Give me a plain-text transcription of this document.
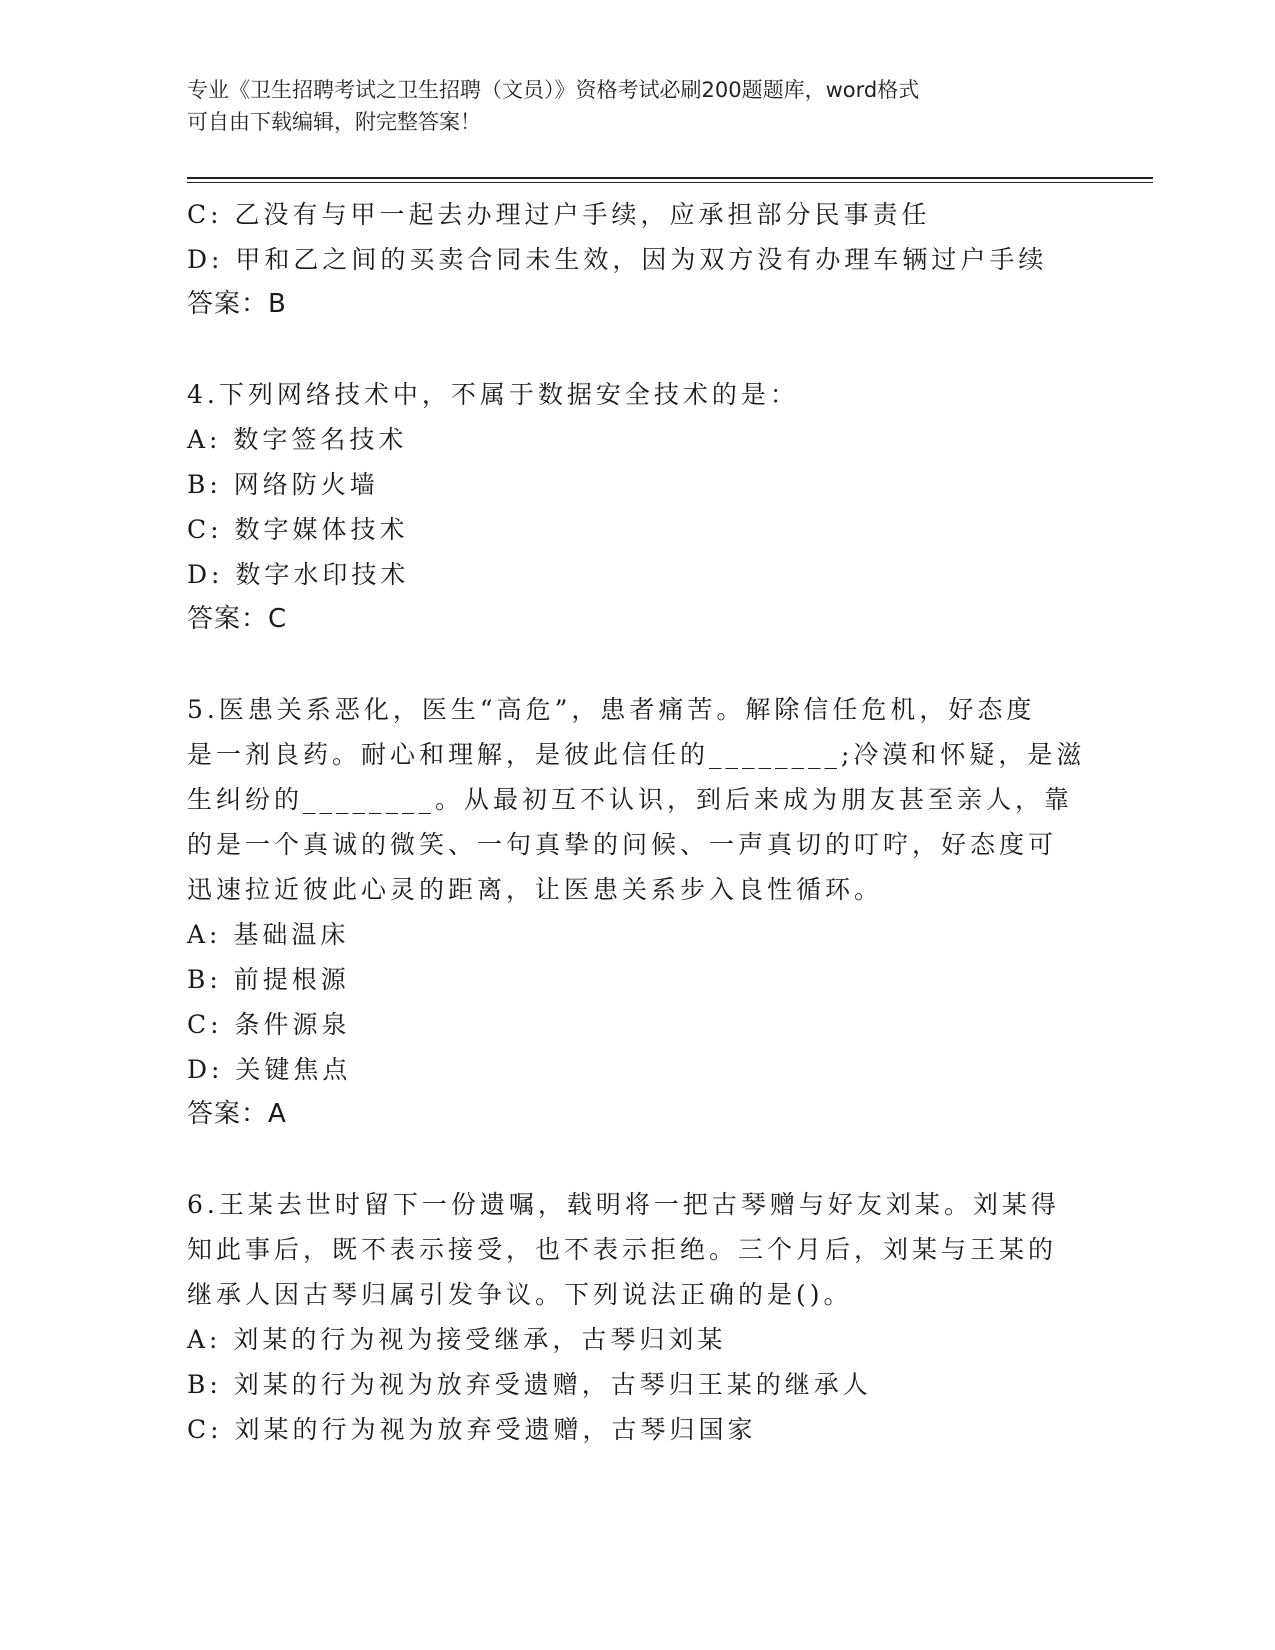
专业《卫生招聘考试之卫生招聘（文员）》资格考试必刷200题题库，word格式
可自由下载编辑，附完整答案！
C: 乙没有与甲一起去办理过户手续，应承担部分民事责任
D: 甲和乙之间的买卖合同未生效，因为双方没有办理车辆过户手续
答案：B
4.下列网络技术中，不属于数据安全技术的是：
A: 数字签名技术
B: 网络防火墙
C: 数字媒体技术
D: 数字水印技术
答案：C
5.医患关系恶化，医生“高危”，患者痛苦。解除信任危机，好态度
是一剂良药。耐心和理解，是彼此信任的________;冷漠和怀疑，是滋
生纠纷的________。从最初互不认识，到后来成为朋友甚至亲人，靠
的是一个真诚的微笑、一句真挚的问候、一声真切的叮咛，好态度可
迅速拉近彼此心灵的距离，让医患关系步入良性循环。
A: 基础温床
B: 前提根源
C: 条件源泉
D: 关键焦点
答案：A
6.王某去世时留下一份遗嘱，载明将一把古琴赠与好友刘某。刘某得
知此事后，既不表示接受，也不表示拒绝。三个月后，刘某与王某的
继承人因古琴归属引发争议。下列说法正确的是()。
A: 刘某的行为视为接受继承，古琴归刘某
B: 刘某的行为视为放弃受遗赠，古琴归王某的继承人
C: 刘某的行为视为放弃受遗赠，古琴归国家
